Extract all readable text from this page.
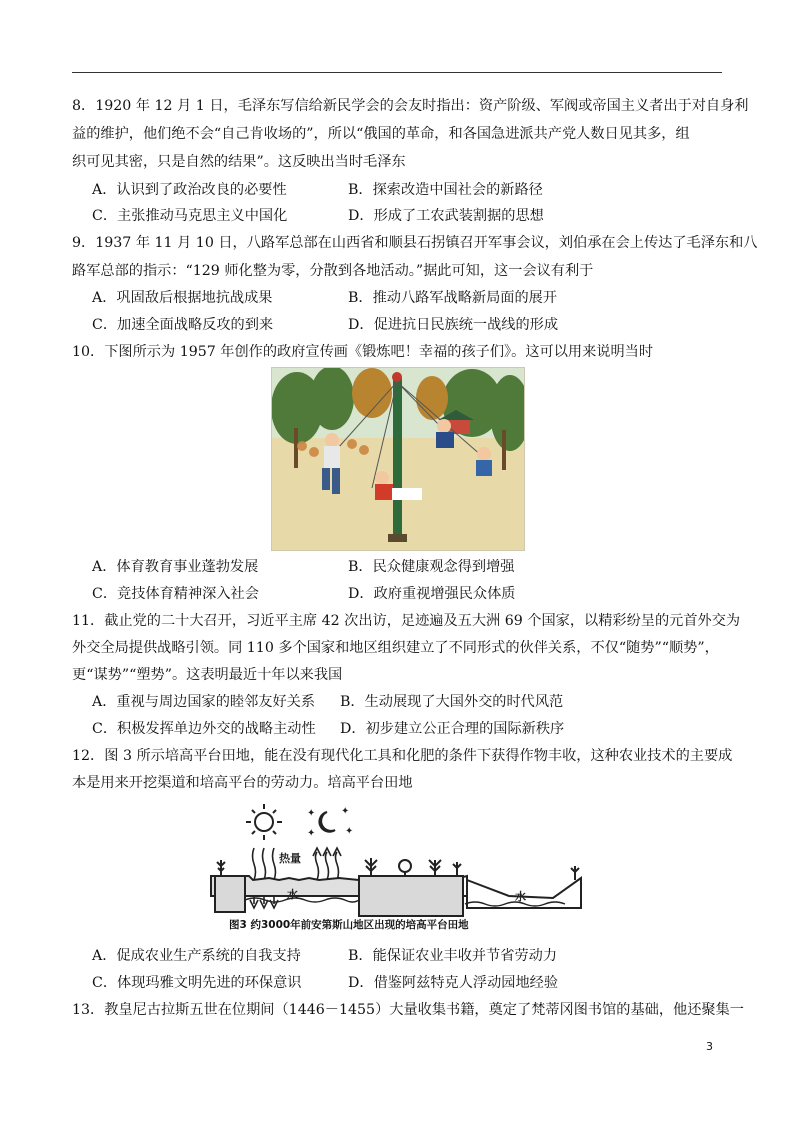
8．1920 年 12 月 1 日，毛泽东写信给新民学会的会友时指出：资产阶级、军阀或帝国主义者出于对自身利
益的维护，他们绝不会“自己肯收场的”，所以“俄国的革命，和各国急进派共产党人数日见其多，组
织可见其密，只是自然的结果”。这反映出当时毛泽东
A．认识到了政治改良的必要性	B．探索改造中国社会的新路径
C．主张推动马克思主义中国化	D．形成了工农武装割据的思想
9．1937 年 11 月 10 日，八路军总部在山西省和顺县石拐镇召开军事会议，刘伯承在会上传达了毛泽东和八
路军总部的指示：“129 师化整为零，分散到各地活动。”据此可知，这一会议有利于
A．巩固敌后根据地抗战成果	B．推动八路军战略新局面的展开
C．加速全面战略反攻的到来	D．促进抗日民族统一战线的形成
10．下图所示为 1957 年创作的政府宣传画《锻炼吧！幸福的孩子们》。这可以用来说明当时
A．体育教育事业蓬勃发展	B．民众健康观念得到增强
C．竞技体育精神深入社会	D．政府重视增强民众体质
11．截止党的二十大召开，习近平主席 42 次出访，足迹遍及五大洲 69 个国家，以精彩纷呈的元首外交为
外交全局提供战略引领。同 110 多个国家和地区组织建立了不同形式的伙伴关系，不仅“随势”“顺势”，
更“谋势”“塑势”。这表明最近十年以来我国
A．重视与周边国家的睦邻友好关系 B．生动展现了大国外交的时代风范
C．积极发挥单边外交的战略主动性 D．初步建立公正合理的国际新秩序
12．图 3 所示培高平台田地，能在没有现代化工具和化肥的条件下获得作物丰收，这种农业技术的主要成
本是用来开挖渠道和培高平台的劳动力。培高平台田地
✦	✦
✦
✦
热量
水	水
图3 约3000年前安第斯山地区出现的培高平台田地
A．促成农业生产系统的自我支持	B．能保证农业丰收并节省劳动力
C．体现玛雅文明先进的环保意识	D．借鉴阿兹特克人浮动园地经验
13．教皇尼古拉斯五世在位期间（1446－1455）大量收集书籍，奠定了梵蒂冈图书馆的基础，他还聚集一
3
